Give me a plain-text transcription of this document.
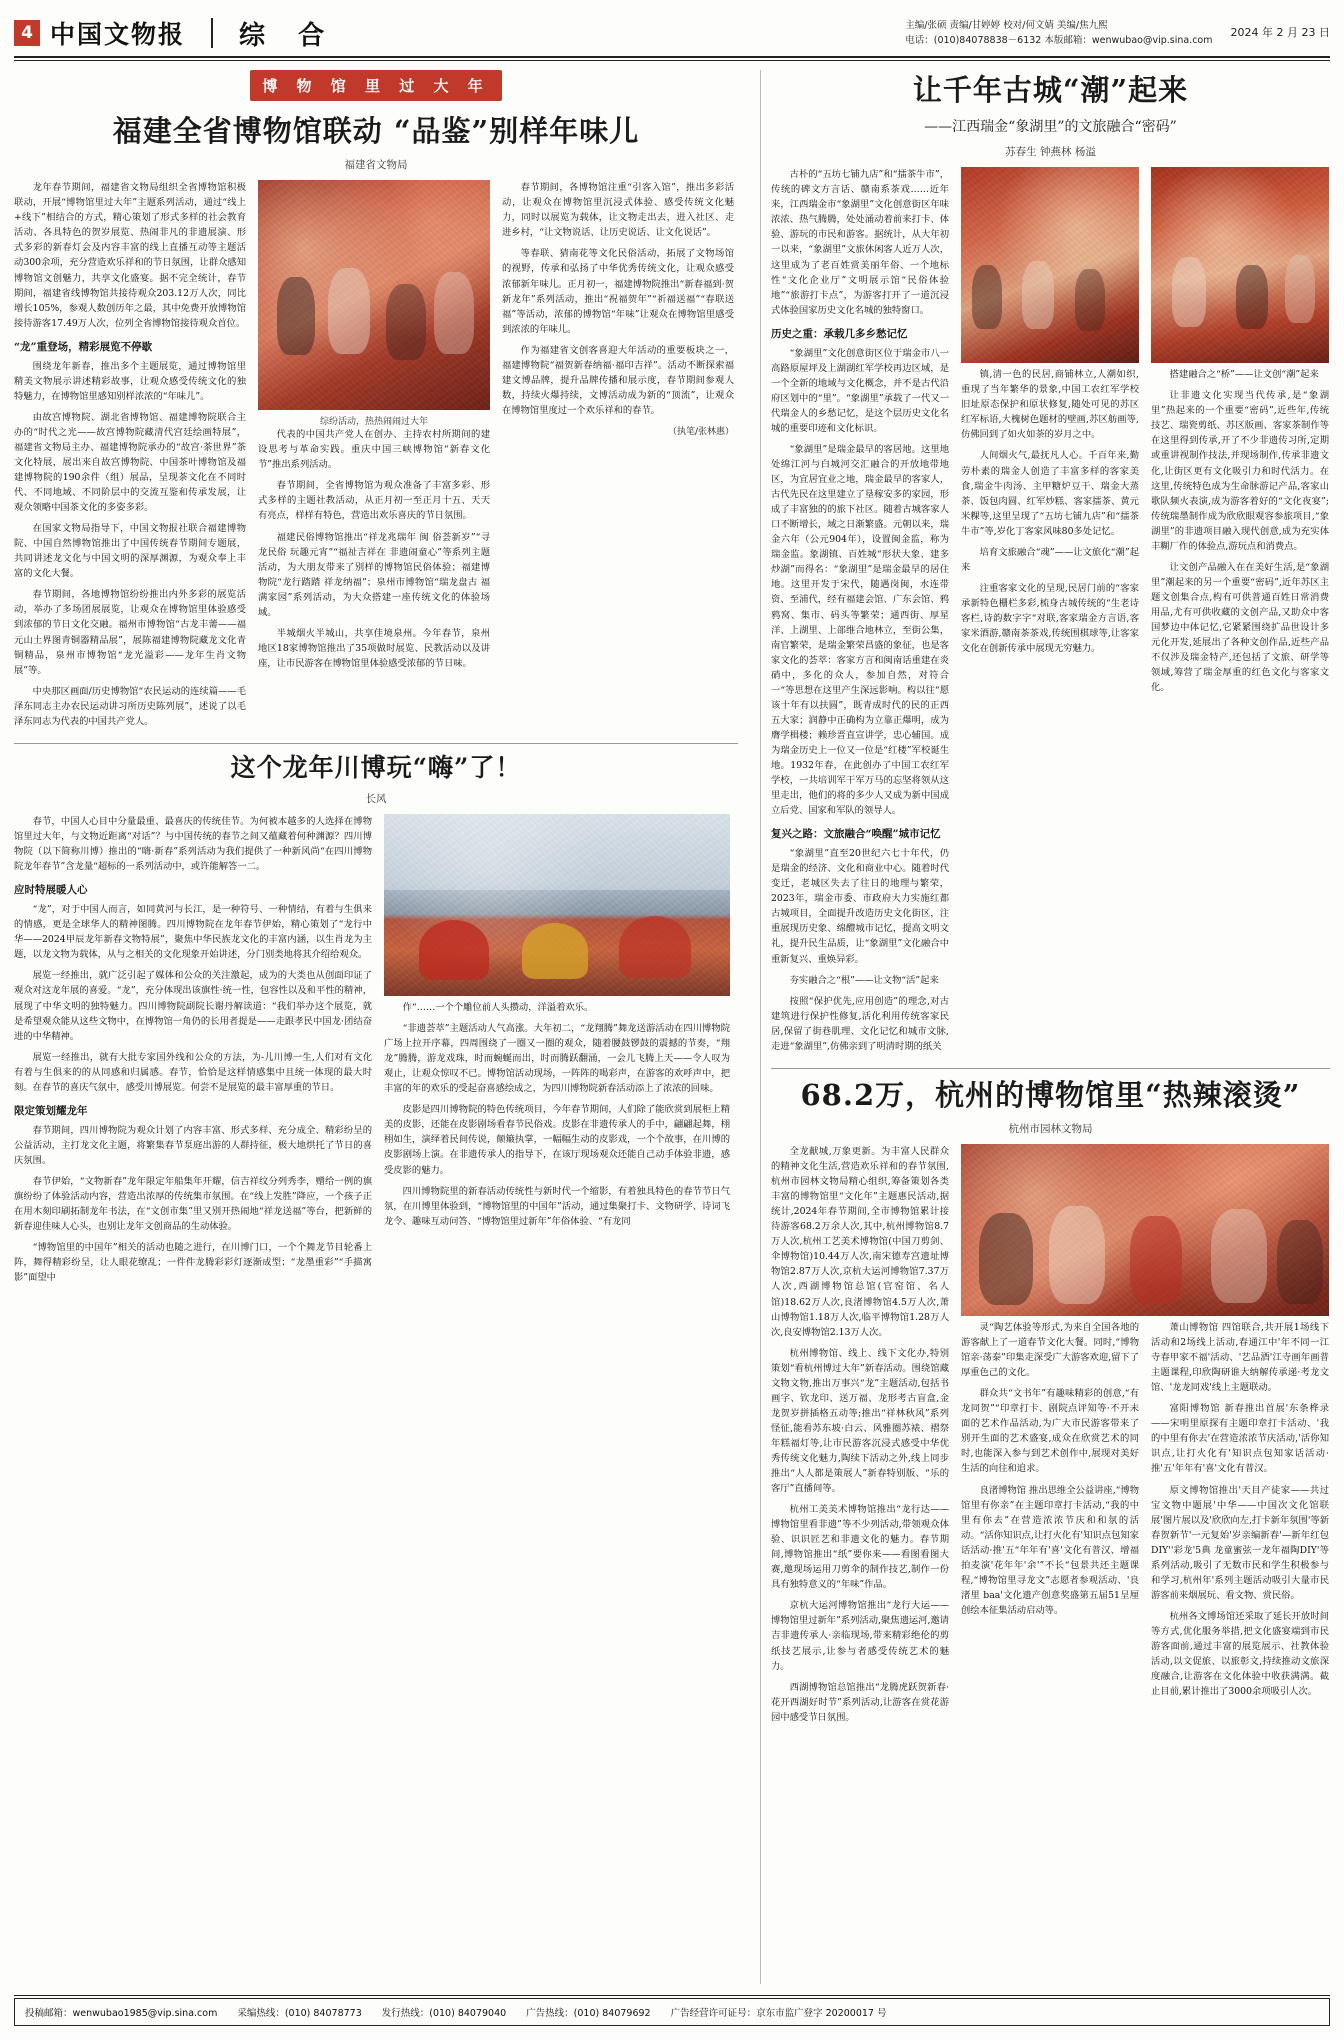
4 中国文物报 综 合	主编/张硕 责编/甘婷婷 校对/何文婧 美编/焦九熙
电话：(010)84078838－6132 本版邮箱：wenwubao@vip.sina.com
2024 年 2 月 23 日
博 物 馆 里 过 大 年
福建全省博物馆联动 “品鉴”别样年味儿
福建省文物局

龙年春节期间，福建省文物局组织全省博物馆积极联动，开展“博物馆里过大年”主题系列活动，通过“线上+线下”相结合的方式，精心策划了形式多样的社会教育活动、各具特色的贺岁展览、热闹非凡的非遗展演、形式多彩的新春灯会及内容丰富的线上直播互动等主题活动300余项，充分营造欢乐祥和的节日氛围，让群众感知博物馆文创魅力，共享文化盛宴。据不完全统计，春节期间，福建省线博物馆共接待观众203.12万人次，同比增长105%，参观人数创历年之最，其中免费开放博物馆接待游客17.49万人次，位列全省博物馆接待观众首位。

“龙”重登场，精彩展览不停歇

围绕龙年新春，推出多个主题展览，通过博物馆里精美文物展示讲述精彩故事，让观众感受传统文化的独特魅力，在博物馆里感知别样浓浓的“年味儿”。

由故宫博物院、湖北省博物馆、福建博物院联合主办的“时代之光——故宫博物院藏清代宫廷绘画特展”，福建省文物局主办、福建博物院承办的“故宫·茶世界”茶文化特展，展出来自故宫博物院、中国茶叶博物馆及福建博物院的190余件（组）展品，呈现茶文化在不同时代、不同地域、不同阶层中的交流互鉴和传承发展，让观众领略中国茶文化的多姿多彩。

在国家文物局指导下，中国文物报社联合福建博物院、中国自然博物馆推出了中国传统春节期间专题展，共同讲述龙文化与中国文明的深厚渊源，为观众奉上丰富的文化大餐。

春节期间，各地博物馆纷纷推出内外多彩的展览活动，举办了多场团展展览，让观众在博物馆里体验感受到浓郁的节日文化交融。福州市博物馆“古龙丰薷——福元山土界图青铜器精品展”，展陈福建博物院藏龙文化青铜精品，泉州市博物馆“龙光溢彩——龙年生肖文物展”等。

中央那区画面/历史博物馆“农民运动的连续篇——毛泽东同志主办农民运动讲习所历史陈列展”，述说了以毛泽东同志为代表的中国共产党人。

综纷活动，热热闹闹过大年

代表的中国共产党人在创办、主持农村所期间的建设思考与革命实践。重庆中国三峡博物馆“新春文化节”推出系列活动。

春节期间，全省博物馆为观众准备了丰富多彩、形式多样的主题社教活动，从正月初一至正月十五、天天有亮点，样样有特色，营造出欢乐喜庆的节日氛围。

福建民俗博物馆推出“祥龙兆瑞年 闽 俗荟新岁”“寻龙民俗 玩趣元宵”“福祉吉祥在 非遗闹童心”等系列主题活动，为大朋友带来了别样的博物馆民俗体验；福建博物院“龙行踏踏 祥龙纳福”；泉州市博物馆“瑞龙盘古 福满家园”系列活动，为大众搭建一座传统文化的体验场域。

半城烟火半城山，共享佳境泉州。今年春节，泉州地区18家博物馆推出了35项做时展览、民教活动以及讲座，让市民游客在博物馆里体验感受浓郁的节日味。

春节期间，各博物馆注重“引客入馆”，推出多彩活动，让观众在博物馆里沉浸式体验、感受传统文化魅力，同时以展览为载体，让文物走出去，进入社区、走进乡村，“让文物说话、让历史说话、让文化说话”。

等春联、猜南花等文化民俗活动，拓展了文物场馆的视野，传承和弘扬了中华优秀传统文化，让观众感受浓郁新年味儿。正月初一，福建博物院推出“新春福到·贺 新龙年”系列活动，推出“祝福贺年”“祈福送福”“春联送福”等活动，浓郁的博物馆“年味”让观众在博物馆里感受到浓浓的年味儿。

作为福建省文创客喜迎大年活动的重要板块之一，福建博物院“福贺新春纳福·福印吉祥”。活动不断探索福建文博品牌，提升品牌传播和展示度，春节期间参观人数，持续火爆持续，文博活动成为新的“顶流”，让观众在博物馆里度过一个欢乐祥和的春节。

（执笔/张林惠）
这个龙年川博玩“嗨”了！
长风

春节，中国人心目中分量最重、最喜庆的传统佳节。为何被本越多的人选择在博物馆里过大年，与文物近距离“对话”？与中国传统的春节之间又蕴藏着何种渊源？四川博物院（以下简称川博）推出的“嗨·新春”系列活动为我们提供了一种新风尚“在四川博物院龙年春节”含龙量“超标的一系列活动中，或许能解答一二。

应时特展暖人心

“龙”，对于中国人而言，如同黄河与长江，是一种符号、一种情结，有着与生俱来的情感，更是全球华人的精神图腾。四川博物院在龙年春节伊始，精心策划了“龙行中华——2024甲辰龙年新春文物特展”，聚焦中华民族龙文化的丰富内涵，以生肖龙为主题，以龙文物为载体，从与之相关的文化现象开始讲述，分门别类地将其介绍给观众。

展览一经推出，就广泛引起了媒体和公众的关注激起，成为的大类也从创面印证了观众对这龙年展的喜爱。“龙”，充分体现出该旗性·统一性，包容性以及和平性的精神，展现了中华文明的独特魅力。四川博物院副院长谢丹解读道：“我们举办这个展览，就是希望观众能从这些文物中，在博物馆一角仍的长用者提是——走跟孝民中国龙·团结奋进的中华精神。

展览一经推出，就有大批专家国外线和公众的方法，为-儿川博一生,人们对有文化有着与生俱来的的从同感和归属感。春节，恰恰是这样情感集中且统一体现的最大时刻。在春节的喜庆气氛中，感受川博展览。何尝不是展览的最丰富厚重的节日。

限定策划耀龙年

春节期间，四川博物院为观众计划了内容丰富、形式多样、充分成全、精彩纷呈的公益活动，主打龙文化主题，将繁集春节泵庭出游的人群持征，极大地烘托了节日的喜庆氛围。

春节伊始，“文物新春”龙年限定年船集年开耀，信吉祥纹分列秀李，赠给一例的旗旗纷纷了体验活动内容，营造出浓厚的传统集市氛围。在“线上发胜”降应，一个孩子正在用木刻印刷拓制龙年书法，在“文创市集”里又别开热闹地“祥龙送福”等台，把新鲜的新春迎佳味人心头，也别让龙年文创商品的生动体验。

“博物馆里的中国年”相关的活动也随之进行，在川博门口，一个个舞龙节目轮番上阵，舞得精彩纷呈，让人眼花缭乱；一件件龙腾彩彩灯逐渐成型；“龙墨重彩”“手描寓影”面望中

作“……一个个雕位前人头攒动，洋溢着欢乐。

“非遗荟萃”主题活动人气高涨。大年初二，“龙翔腾”舞龙送游活动在四川博物院广场上拉开序幕，四周围绕了一圈又一圈的观众，随着腰鼓锣鼓的震撼的节奏，“翔龙”腾腾，游龙戏珠，时而蜿蜒而出，时而腾跃翻涌，一会儿飞腾上天——令人叹为观止，让观众惊叹不已。博物馆活动现场，一阵阵的喝彩声，在游客的欢呼声中，把丰富的年的欢乐的受起奋喜感绘成之，为四川博物院新春活动添上了浓浓的回味。

皮影是四川博物院的特色传统项目，今年春节期间，人们除了能欣赏到展柜上精美的皮影，还能在皮影剧场看春节民俗戏。皮影在非遗传承人的手中，翩翩起舞，栩栩如生，演绎着民间传说，颠簸执掌，一幅幅生动的皮影戏，一个个故事，在川博的皮影剧场上演。在非遗传承人的指导下，在该厅现场观众还能自己动手体验非遗，感受皮影的魅力。

四川博物院里的新春活动传统性与新时代一个缩影，有着独具特色的春节节日气氛，在川博里体验到，“博物馆里的中国年”活动，通过集聚打卡、文物研学、诗词飞龙令、趣味互动问答、“博物馆里过新年”年俗体验、“有龙同

让千年古城“潮”起来
——江西瑞金“象湖里”的文旅融合“密码”
苏春生 钟燕林 杨溢

古朴的“五坊七铺九店”和“擂茶牛市”，传统的碑文方言话、赣南系茶戏……近年来，江西瑞金市“象湖里”文化创意街区年味浓浓、热气腾腾，处处涌动着前来打卡、体验、游玩的市民和游客。据统计，从大年初一以来，“象湖里”文旅休闲客人近万人次，这里成为了老百姓赏美丽年俗、一个地标性“文化企业厅”文明展示馆“民俗体验地”“旅游打卡点”，为游客打开了一道沉浸式体验国家历史文化名城的独特窗口。

历史之重：承载几多乡愁记忆

“象湖里”文化创意街区位于瑞金市八一高路原屋坪及上湖湖红军学校再边区域，是一个全新的地域与文化概念，并不是古代沿府区划中的“里”。“象湖里”承载了一代又一代瑞金人的乡愁记忆，是这个层历史文化名城的重要印迹和文化标识。

“象湖里”是瑞金最早的客居地。这里地处绵江河与白城河交汇融合的开放地带地区，为宜居宜业之地，瑞金最早的客家人，古代先民在这里建立了垦稼安多的家园，形成了丰富独的的旅下社区。随着古城客家人口不断增长，域之日渐繁盛。元朝以来，瑞金六年（公元904年），设置闽金监，称为瑞金监。象湖镇、百姓城“形状大象、建多炒湖”而得名：“象湖里”是瑞金最早的居住地。这里开发于宋代，随遇岗闽，水连带资、至浦代，经有福建会馆、广东会馆、鸦鸦窝、集市、码头等繁荣；通西街、厚星洋、上湖里、上部维合地林立，至街公集，南官繁荣，是瑞金繁荣昌盛的象征，也是客家文化的荟萃：客家方言和闽南话重建在炎硝中，多化的众人，参加自然，对符合一“等思想在这里产生深远影响。构以往“愿该十年有以扶圆”，既青成时代的民的正西五大家；润静中正确构为立靠正爆明，成为膺学楫楼；赖珍晋直宣讲学，忠心辅国。成为瑞金历史上一位又一位是“红楼”军校诞生地。1932年春，在此创办了中国工农红军学校，一共培训军干军万马的忘坚将领从这里走出，他们的将的多少人又成为新中国成立后党、国家和军队的领导人。

复兴之路：文旅融合“唤醒”城市记忆

“象湖里”直至20世纪六七十年代，仍是瑞金的经济、文化和商业中心。随着时代变迁，老城区失去了往日的地理与繁荣，2023年，瑞金市委、市政府大力实施红都古城项目，全面提升改造历史文化街区，注重展现历史象、绵醴城市记忆，提高文明文礼，提升民生品质，让“象湖里”文化融合中重新复兴、重焕异彩。

夯实融合之“根”——让文物“活”起来

按照“保护优先,应用创造”的理念,对古建筑进行保护性修复,活化利用传统客家民居,保留了街巷肌理、文化记忆和城市文脉,走进“象湖里”,仿佛亲到了明清时期的纸关

镇,清一色的民居,商铺林立,人潮如织,重现了当年繁华的景象,中国工农红军学校旧址原态保护和原状修复,随处可见的苏区红军标语,大槐树色题材的壁画,苏区舫画等,仿佛回到了如火如荼的岁月之中。

人间烟火气,最抚凡人心。千百年来,勤劳朴素的瑞金人创造了丰富多样的客家美食,瑞金牛肉汤、主甲糖炉豆干、瑞金大蒸茶、饭包肉圆、红军炒糕、客家擂茶、黄元米粿等,这里呈现了“五坊七铺九店”和“擂茶牛市”等,岁化丁客家风味80多处记忆。

培育文旅融合“魂”——让文旅化“潮”起来

注重客家文化的呈现,民居门前的“客家承新特色栅栏多彩,梳身古城传统的“生老诗客栏,诗韵数字字“对联,客家瑞金方言语,客家米酒游,赣南茶茶戏,传统围棋球等,让客家文化在创新传承中展现无穷魅力。

搭建融合之“桥”——让文创“潮”起来

让非遗文化实现当代传承,是“象湖里”热起来的一个重要“密码”,近些年,传统技艺、瑞瓷剪纸、苏区版画、客家茶制作等在这里得到传承,开了不少非遗传习所,定期或重讲视制作技法,并现场制作,传承非遗文化,让街区更有文化吸引力和时代活力。在这里,传统特色成为生命脉游记产品,客家山歌队频火表演,成为游客着好的“文化夜宴”;传统瑞墨制作成为欣欣眼观容参旅项目,“象湖里”的非遗项目融入现代创意,成为充实体丰糊厂作的体验点,游玩点和消费点。

让文创产品融入在在美好生活,是“象湖里”潮起来的另一个重要“密码”,近年苏区主题文创集合点,构有可供普通百姓日常消费用品,尤有可供收藏的文创产品,又助众中客国梦边中体记忆,它紧紧围绕扩品世设计多元化开发,延展出了各种文创作品,近些产品不仅涉及瑞金特产,还包括了文旅、研学等领域,筹营了瑞金厚重的红色文化与客家文化。

68.2万，杭州的博物馆里“热辣滚烫”
杭州市园林文物局

全龙献城,万象更新。为丰富人民群众的精神文化生活,营造欢乐祥和的春节氛围,杭州市园林文物局精心组织,筹备策划各类丰富的博物馆里“文化年”主题惠民活动,据统计,2024年春节期间,全市博物馆累计接待游客68.2万余人次,其中,杭州博物馆8.7万人次,杭州工艺美术博物馆(中国刀剪剑、伞博物馆)10.44万人次,南宋德寿宫遗址博物馆2.87万人次,京杭大运河博物馆7.37万人次,西湖博物馆总馆(官窑馆、名人馆)18.62万人次,良渚博物馆4.5万人次,萧山博物馆1.18万人次,临平博物馆1.28万人次,良安博物馆2.13万人次。

杭州博物馆、线上、线下文化办,特别策划“看杭州博过大年”新春活动。围绕馆藏文物文物,推出万事兴“龙”主题活动,包括书画字、钦龙印、送万福、龙形考古盲盒,金龙贺岁拼插格五动等;推出“祥林秋风”系列怪征,能看苏东坡·白云、风雅圈苏裱、褶祭年糕福灯等,让市民游客沉浸式感受中华优秀传统文化魅力,陶续下活动之外,线上同步推出“人人都是策展人”新春特别版、“乐的客厅”直播间等。

杭州工美美术博物馆推出“龙行达——博物馆里看非遗”等不少列活动,带领观众体验、识识匠艺和非遗文化的魅力。春节期间,博物馆推出“纸”要你来——看图看图大赛,邀现场运用刀剪伞的制作技艺,制作一份具有独特意义的“年味”作品。

京杭大运河博物馆推出“龙行大运——博物馆里过新年”系列活动,聚焦遗运河,邀请吉非遗传承人·亲临现场,带来精彩绝伦的剪纸技艺展示,让参与者感受传统艺术的魅力。

西湖博物馆总馆推出“龙腾虎跃贺新春·花开西湖好时节”系列活动,让游客在赏花游园中感受节日氛围。

灵“陶艺体验等形式,为来自全国各地的游客献上了一道春节文化大餐。同时,“博物馆亲·荡泰”印集走深受广大游客欢迎,留下了厚重色己的文化。

群众共“文书年”有趣味精彩的创意,“有龙同贺”“印章打卡、剧院点评知等·不开未面的艺术作品活动,为广大市民游客带来了别开生面的艺术盛宴,成众在欣赏艺术的同时,也能深入参与到艺术创作中,展现对美好生活的向往和追求。

良渚博物馆 推出思维全公益讲座,“博物馆里有你亲”在主题印章打卡活动,“我的中里有你去”在营造浓浓节庆和和氛的活动。“活你知识点,让打火化有'知识点包知家话活动·推'五“年年有'喜'文化有普汉、增福拍麦演'花年年'余'”不长“包景共还主题课程,“博物馆里寻龙文”志愿者参观活动、'良渚里 baa'文化遗产创意奖盛第五届51呈厘创绘本征集活动启动等。

萧山博物馆 四馆联合,共开展1场线下活动和2场线上活动,春通江中'年不同一江寺春甲家不福'活动、'艺品酒'江寺画年画普主题课程,印欣陶研谁大纳解传承递·考龙文馆、'龙龙同戏'线上主题联动。

富阳博物馆 新春推出首展'东条桦录——宋明里原探有主题印章打卡活动、'我的中里有你去'在营造浓浓节庆活动,'活你知识点,让打火化有'知识点包知家话活动·推'五'年年有'喜'文化有普汉。

原文博物馆推出'天目产徒家——共过宝文物中题展'中华——中国次文化馆联展'图片展以及'欣欣向左,打卡新年氛围'等新春贺新节'一元复始'岁亲编新春'—新年红包DIY''彩龙'5典 龙童蜜弦一龙年福陶DIY'等系列活动,吸引了无数市民和学生积极参与和学习,杭州年'系列主题活动吸引大量市民游客前来烟展玩、看文物、赏民俗。

杭州各文博场馆还采取了延长开放时间等方式,优化服务举措,把文化盛宴端到市民游客面前,通过丰富的展览展示、社教体验活动,以文促旅、以旅彰文,持续推动文旅深度融合,让游客在文化体验中收获满满。截止目前,累计推出了3000余项吸引人次。

投稿邮箱：wenwubao1985@vip.sina.com	采编热线：(010) 84078773	发行热线：(010) 84079040	广告热线：(010) 84079692	广告经营许可证号：京东市监广登字 20200017 号
